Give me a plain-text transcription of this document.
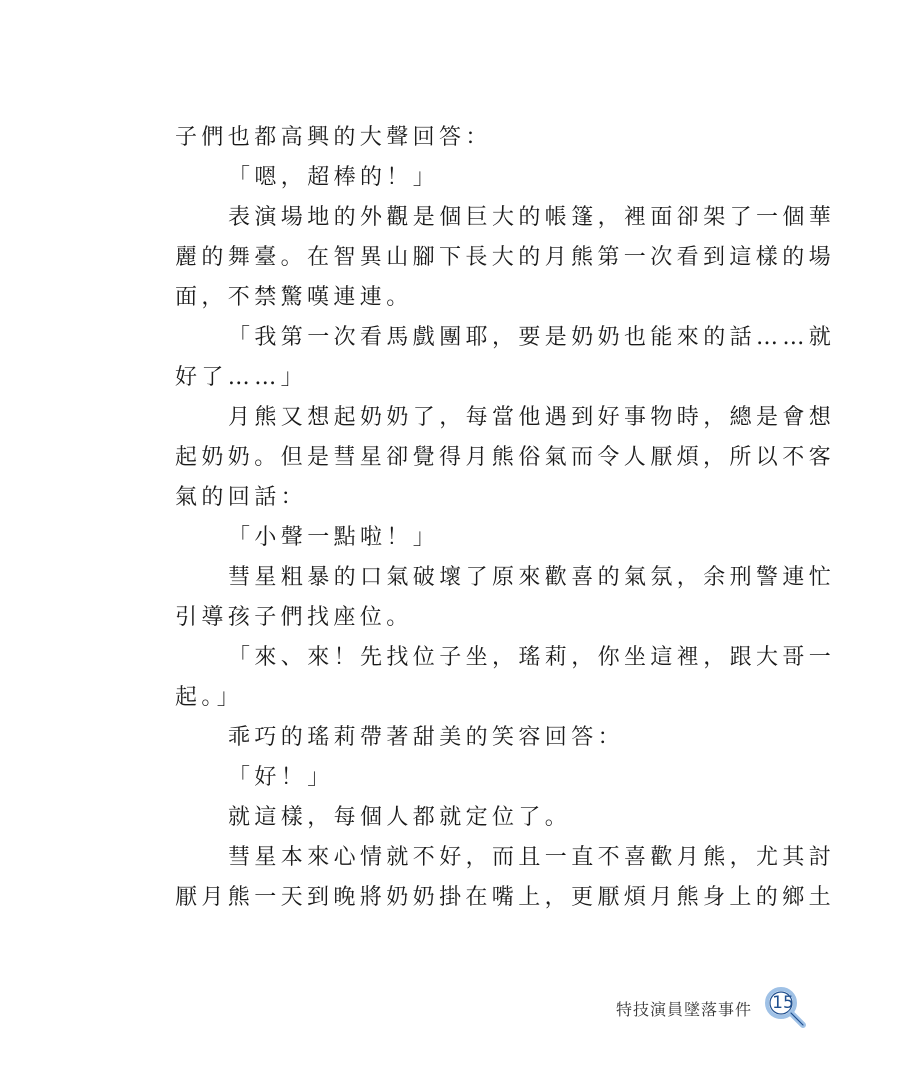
子們也都高興的大聲回答：
「嗯，超棒的！」
表演場地的外觀是個巨大的帳篷，裡面卻架了一個華
麗的舞臺。在智異山腳下長大的月熊第一次看到這樣的場
面，不禁驚嘆連連。
「我第一次看馬戲團耶，要是奶奶也能來的話……就
好了……」
月熊又想起奶奶了，每當他遇到好事物時，總是會想
起奶奶。但是彗星卻覺得月熊俗氣而令人厭煩，所以不客
氣的回話：
「小聲一點啦！」
彗星粗暴的口氣破壞了原來歡喜的氣氛，余刑警連忙
引導孩子們找座位。
「來、來！先找位子坐，瑤莉，你坐這裡，跟大哥一
起。」
乖巧的瑤莉帶著甜美的笑容回答：
「好！」
就這樣，每個人都就定位了。
彗星本來心情就不好，而且一直不喜歡月熊，尤其討
厭月熊一天到晚將奶奶掛在嘴上，更厭煩月熊身上的鄉土
特技演員墜落事件 15
